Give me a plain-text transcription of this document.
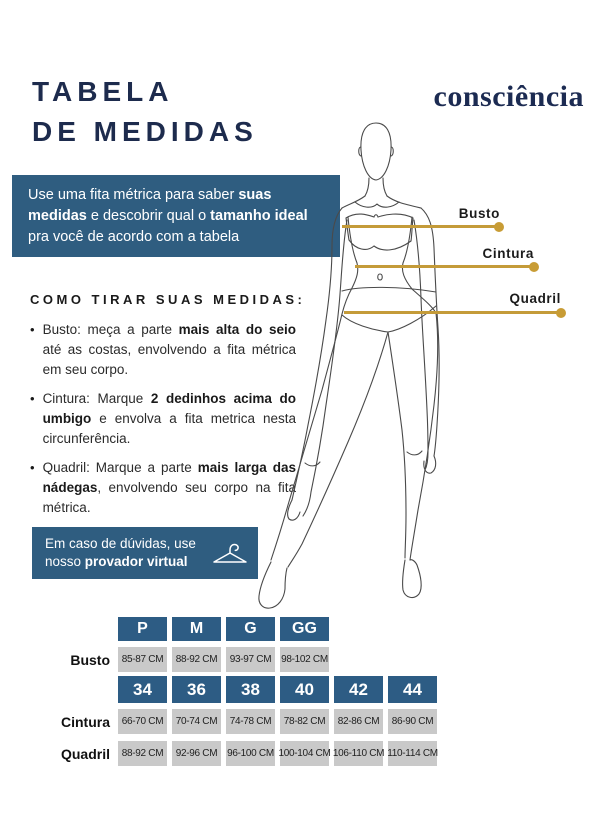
TABELA
DE MEDIDAS
consciência
Use uma fita métrica para saber suas medidas e descobrir qual o tamanho ideal pra você de acordo com a tabela
COMO TIRAR SUAS MEDIDAS:
• Busto: meça a parte mais alta do seio até as costas, envolvendo a fita métrica em seu corpo.

• Cintura: Marque 2 dedinhos acima do umbigo e envolva a fita metrica nesta circunferência.

• Quadril: Marque a parte mais larga das nádegas, envolvendo seu corpo na fita métrica.

Em caso de dúvidas, use nosso provador virtual
Busto
Cintura
Quadril
P	M	G	GG
Busto	85-87 CM	88-92 CM	93-97 CM 98-102 CM
34	36	38	40	42	44
Cintura	66-70 CM	70-74 CM	74-78 CM	78-82 CM	82-86 CM	86-90 CM
Quadril	88-92 CM	92-96 CM 96-100 CM 100-104 CM 106-110 CM 110-114 CM
